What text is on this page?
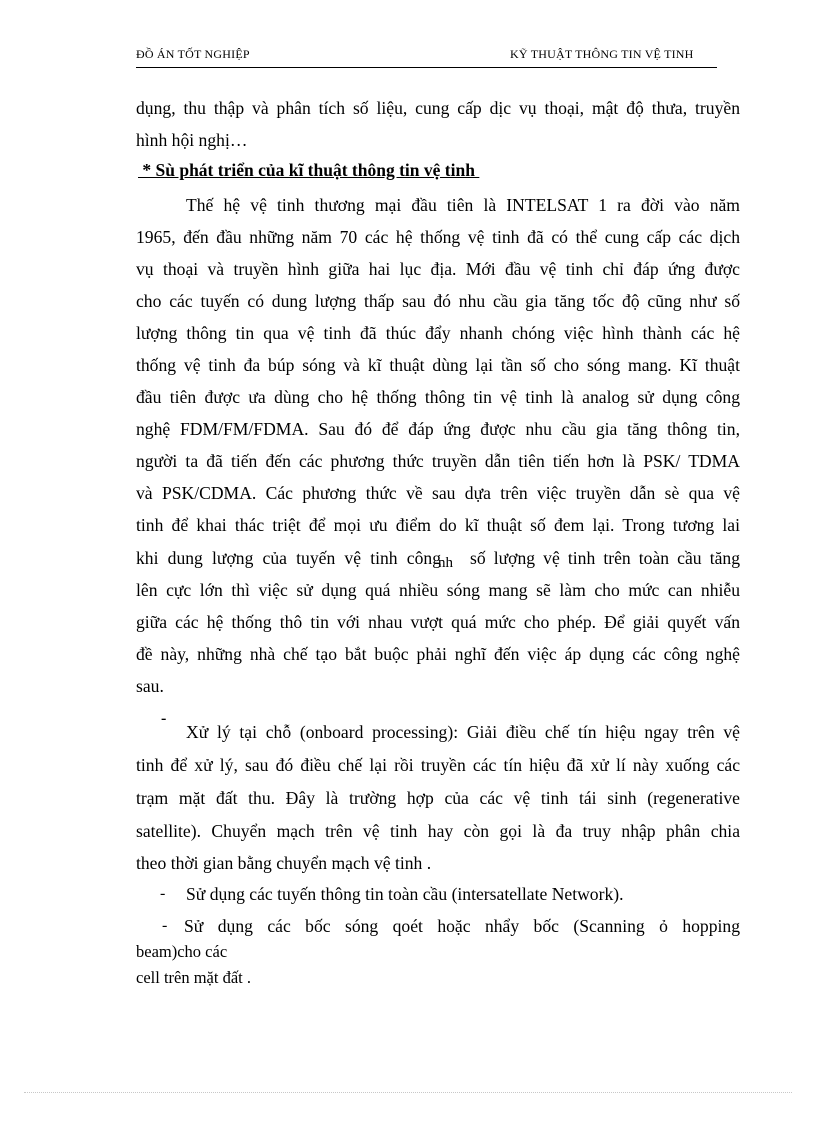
ĐỒ ÁN TỐT NGHIỆP	KỸ THUẬT THÔNG TIN VỆ TINH
dụng, thu thập và phân tích số liệu, cung cấp dịc vụ thoại, mật độ thưa, truyền
hình hội nghị…
* Sù phát triển của kĩ thuật thông tin vệ tinh
Thế hệ vệ tinh thương mại đầu tiên là INTELSAT 1 ra đời vào năm
1965, đến đầu những năm 70 các hệ thống vệ tinh đã có thể cung cấp các dịch
vụ thoại và truyền hình giữa hai lục địa. Mới đầu vệ tinh chỉ đáp ứng được
cho các tuyến có dung lượng thấp sau đó nhu cầu gia tăng tốc độ cũng như số
lượng thông tin qua vệ tinh đã thúc đẩy nhanh chóng việc hình thành các hệ
thống vệ tinh đa búp sóng và kĩ thuật dùng lại tần số cho sóng mang. Kĩ thuật
đầu tiên được ưa dùng cho hệ thống thông tin vệ tinh là analog sử dụng công
nghệ FDM/FM/FDMA. Sau đó để đáp ứng được nhu cầu gia tăng thông tin,
người ta đã tiến đến các phương thức truyền dẫn tiên tiến hơn là PSK/ TDMA
và PSK/CDMA. Các phương thức về sau dựa trên việc truyền dẫn sè qua vệ
tinh để khai thác triệt để mọi ưu điểm do kĩ thuật số đem lại. Trong tương lai
khi dung lượng của tuyến vệ tinh công
nh số lượng vệ tinh trên toàn cầu tăng
lên cực lớn thì việc sử dụng quá nhiều sóng mang sẽ làm cho mức can nhiễu
giữa các hệ thống thô tin với nhau vượt quá mức cho phép. Để giải quyết vấn
đề này, những nhà chế tạo bắt buộc phải nghĩ đến việc áp dụng các công nghệ
sau.
-
Xử lý tại chỗ (onboard processing): Giải điều chế tín hiệu ngay trên vệ
tinh để xử lý, sau đó điều chế lại rồi truyền các tín hiệu đã xử lí này xuống các
trạm mặt đất thu. Đây là trường hợp của các vệ tinh tái sinh (regenerative
satellite). Chuyển mạch trên vệ tinh hay còn gọi là đa truy nhập phân chia
theo thời gian bằng chuyển mạch vệ tinh .
- Sử dụng các tuyến thông tin toàn cầu (intersatellate Network).
- Sử dụng các bốc sóng qoét hoặc nhẩy bốc (Scanning ỏ hopping
beam)cho các
cell trên mặt đất .
